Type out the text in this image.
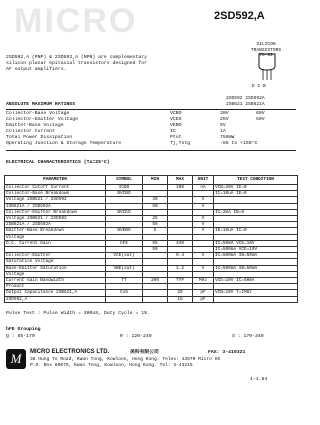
MICRO	2SD592,A
SILICON TRANSISTORS
TO-92
E C B
2SD592,A (PNP) & 2SD592,A (NPN) are complementary
silicon planar epitaxial transistors designed for
AF output amplifiers.
ABSOLUTE MAXIMUM RATINGS
2SD592 2SD592A
2SB621 2SB621A
Collector-Base Voltage	VCBO	30V	60V
Collector-Emitter Voltage	VCEO	25V	50V
Emitter-Base Voltage	VEBO	5V
Collector Current	IC	1A
Total Power Dissipation	Ptot	750mW
Operating Junction & Storage Temperature	Tj,Tstg	-55 to +150°C
ELECTRICAL CHARACTERISTICS (Ta=25°C)
PARAMETER	SYMBOL	MIN	MAX	UNIT	TEST CONDITION
Collector Cutoff Current	ICBO		100	nA	VCB=20V IE=0
Collector-Base Breakdown	BVCBO				IC=10uA IE=0
Voltage 2SB621 / 2SD592		30		V	
2SB621A / 2SD592A		60		V	
Collector-Emitter Breakdown	BVCEO				IC=2mA IB=0
Voltage 2SB621 / 2SD592		25		V	
2SB621A / 2SD592A		50		V	
Emitter-Base Breakdown	BVEBO	5		V	IE=10uA IC=0
Voltage					
D.C. Current Gain	hFE	85	340		IC=50mA VCE=10V
		50			IC=500mA VCE=10V
Collector-Emitter	VCE(sat)		0.4	V	IC=500mA IB=50mA
Saturation Voltage					
Base-Emitter Saturation	VBE(sat)		1.2	V	IC=500mA IB=50mA
Voltage					
Current Gain Bandwidth	fT	200	TYP	MHz	VCE=10V IC=50mA
Product					
Output Capacitance 2SB621,A	Cob		20	pF	VCB=10V f=1MHz
2SD592,A			15	pF	
Pulse Test : Pulse Width = 300uS, Duty Cycle = 1%.
hFE Grouping
Q : 85-170	R : 120-240	S : 170-340
M	MICRO ELECTRONICS LTD.	美科有限公司	FAX: 3-410321
38 Hung To Road, Kwun Tong, Kowloon, Hong Kong. Telex: 43970 Micro HX
P.O. Box 60079, Kwun Tong, Kowloon, Hong Kong. Tel: 3-43215
1-1.84
